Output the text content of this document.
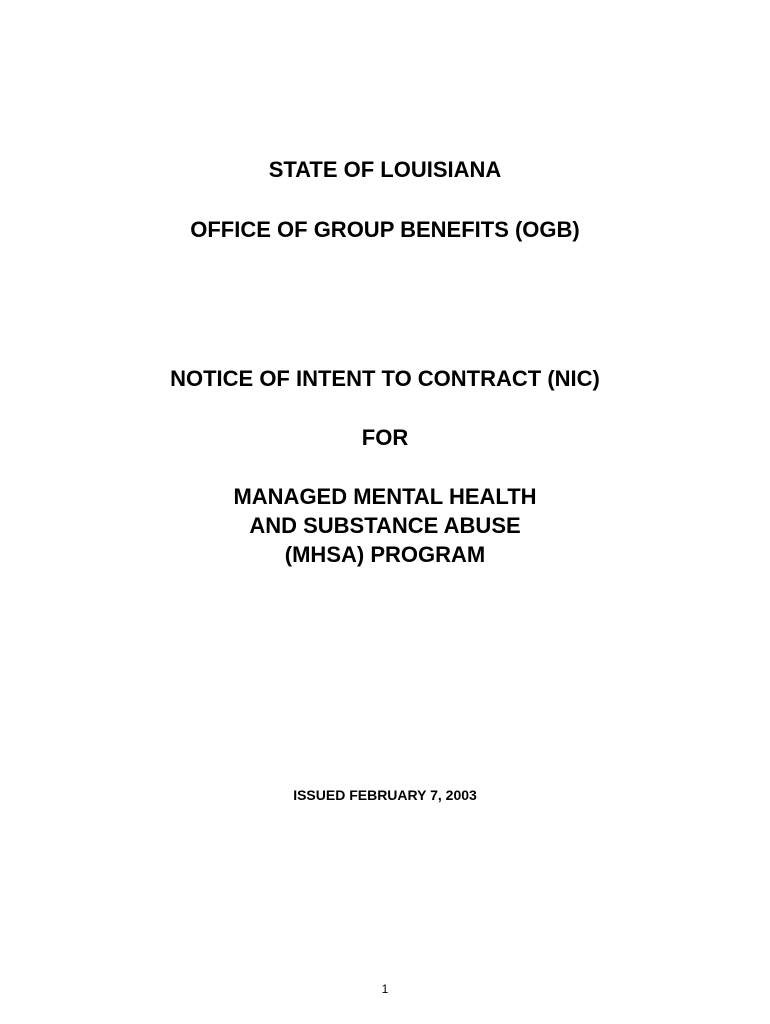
STATE OF LOUISIANA
OFFICE OF GROUP BENEFITS (OGB)
NOTICE OF INTENT TO CONTRACT (NIC)
FOR
MANAGED MENTAL HEALTH
AND SUBSTANCE ABUSE
(MHSA) PROGRAM
ISSUED FEBRUARY 7, 2003
1
